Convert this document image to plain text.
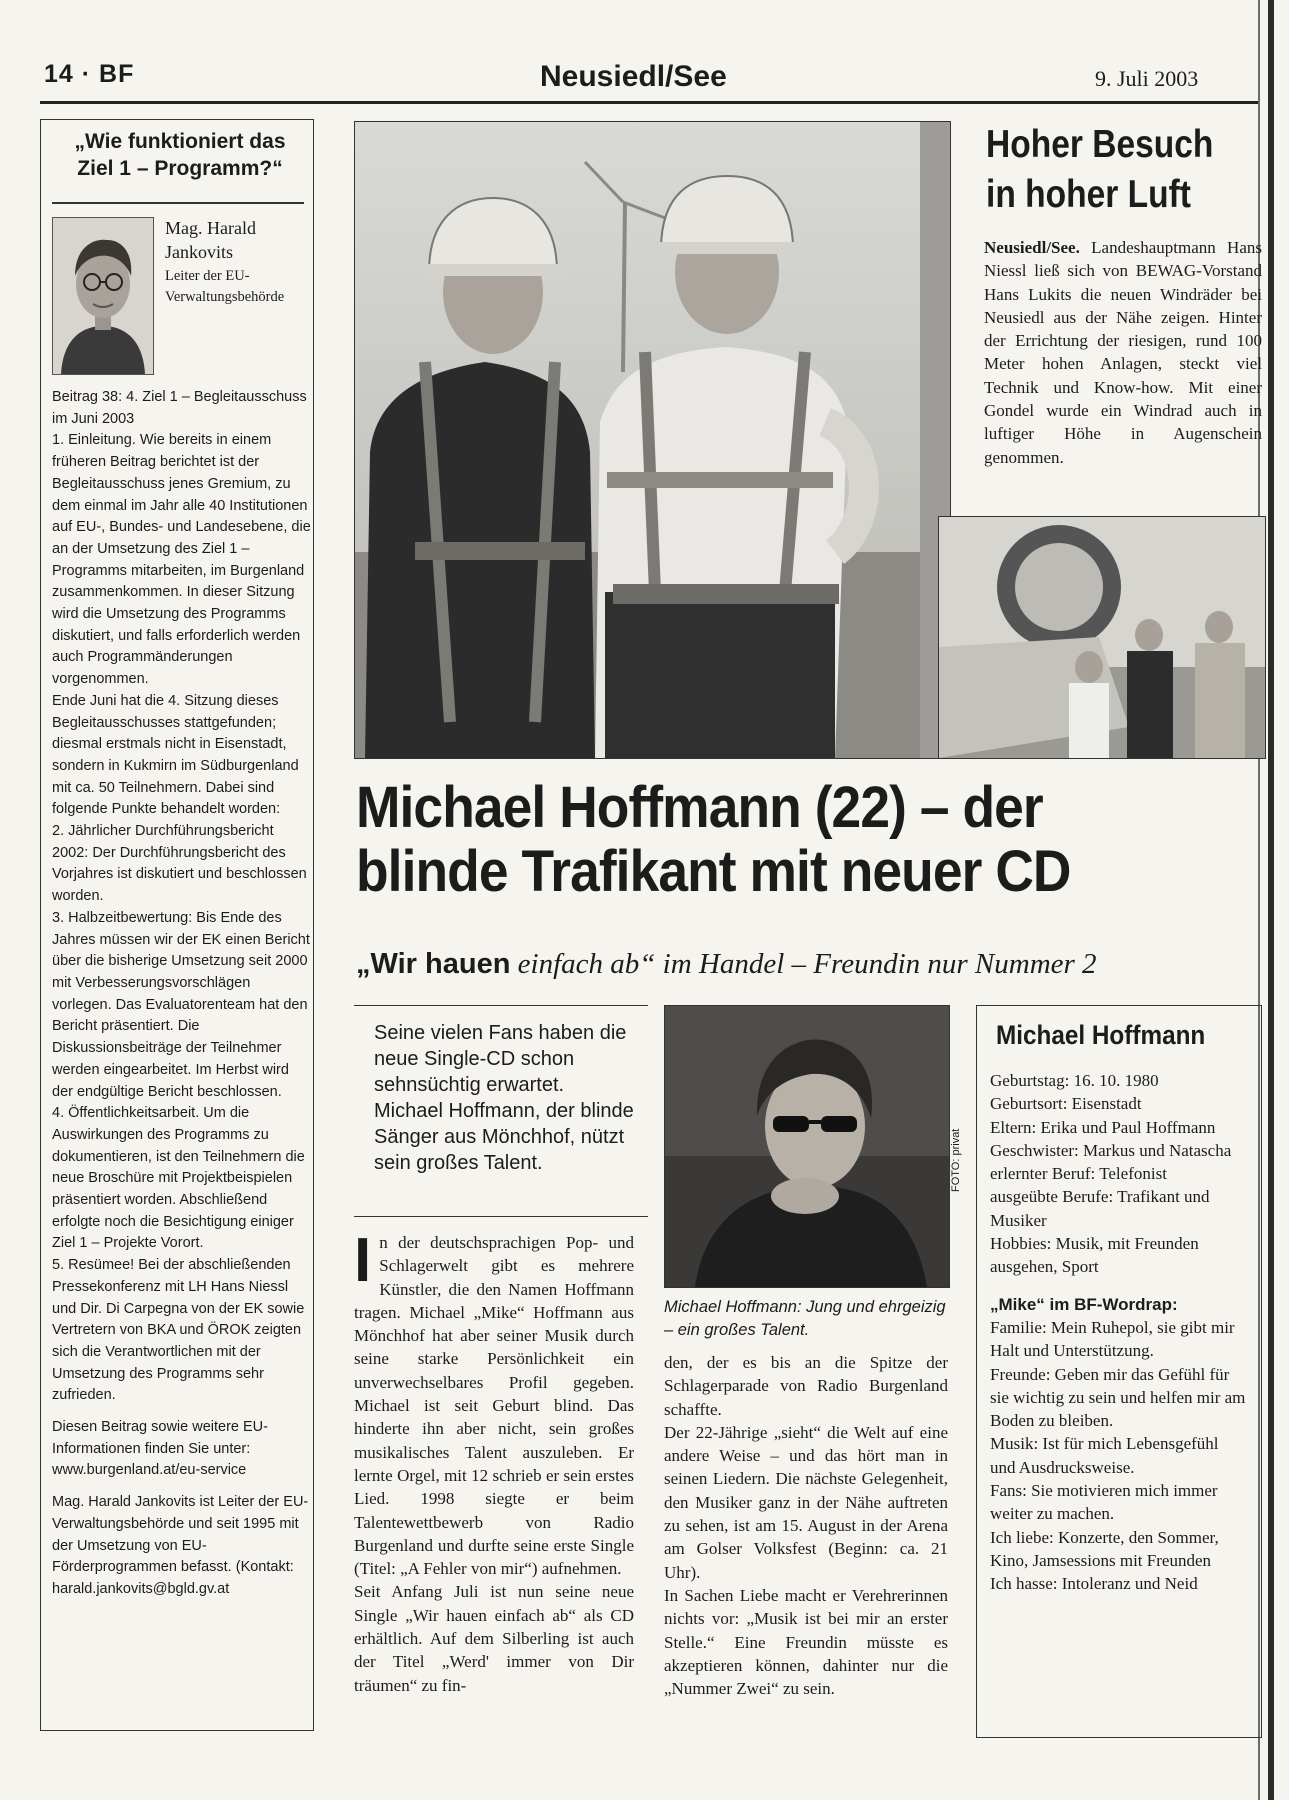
14 · BF	Neusiedl/See	9. Juli 2003
„Wie funktioniert das
Ziel 1 – Programm?“
Mag. Harald
Jankovits
Leiter der EU-
Verwaltungsbehörde

Beitrag 38: 4. Ziel 1 – Begleitausschuss im Juni 2003

1. Einleitung. Wie bereits in einem früheren Beitrag berichtet ist der Begleitausschuss jenes Gremium, zu dem einmal im Jahr alle 40 Institutionen auf EU-, Bundes- und Landesebene, die an der Umsetzung des Ziel 1 – Programms mitarbeiten, im Burgenland zusammenkommen. In dieser Sitzung wird die Umsetzung des Programms diskutiert, und falls erforderlich werden auch Programmänderungen vorgenommen.

Ende Juni hat die 4. Sitzung dieses Begleitausschusses stattgefunden; diesmal erstmals nicht in Eisenstadt, sondern in Kukmirn im Südburgenland mit ca. 50 Teilnehmern. Dabei sind folgende Punkte behandelt worden:

2. Jährlicher Durchführungsbericht 2002: Der Durchführungsbericht des Vorjahres ist diskutiert und beschlossen worden.

3. Halbzeitbewertung: Bis Ende des Jahres müssen wir der EK einen Bericht über die bisherige Umsetzung seit 2000 mit Verbesserungsvorschlägen vorlegen. Das Evaluatorenteam hat den Bericht präsentiert. Die Diskussionsbeiträge der Teilnehmer werden eingearbeitet. Im Herbst wird der endgültige Bericht beschlossen.

4. Öffentlichkeitsarbeit. Um die Auswirkungen des Programms zu dokumentieren, ist den Teilnehmern die neue Broschüre mit Projektbeispielen präsentiert worden. Abschließend erfolgte noch die Besichtigung einiger Ziel 1 – Projekte Vorort.

5. Resümee! Bei der abschließenden Pressekonferenz mit LH Hans Niessl und Dir. Di Carpegna von der EK sowie Vertretern von BKA und ÖROK zeigten sich die Verantwortlichen mit der Umsetzung des Programms sehr zufrieden.

Diesen Beitrag sowie weitere EU-Informationen finden Sie unter: www.burgenland.at/eu-service

Mag. Harald Jankovits ist Leiter der EU-Verwaltungsbehörde und seit 1995 mit der Umsetzung von EU-Förderprogrammen befasst. (Kontakt: harald.jankovits@bgld.gv.at

Hoher Besuch
in hoher Luft
Neusiedl/See. Landeshauptmann Hans Niessl ließ sich von BEWAG-Vorstand Hans Lukits die neuen Windräder bei Neusiedl aus der Nähe zeigen. Hinter der Errichtung der riesigen, rund 100 Meter hohen Anlagen, steckt viel Technik und Know-how. Mit einer Gondel wurde ein Windrad auch in luftiger Höhe in Augenschein genommen.
Michael Hoffmann (22) – der
blinde Trafikant mit neuer CD
„Wir hauen einfach ab“ im Handel – Freundin nur Nummer 2
Seine vielen Fans haben die neue Single-CD schon sehnsüchtig erwartet. Michael Hoffmann, der blinde Sänger aus Mönchhof, nützt sein großes Talent.
In der deutschsprachigen Pop- und Schlagerwelt gibt es mehrere Künstler, die den Namen Hoffmann tragen. Michael „Mike“ Hoffmann aus Mönchhof hat aber seiner Musik durch seine starke Persönlichkeit ein unverwechselbares Profil gegeben. Michael ist seit Geburt blind. Das hinderte ihn aber nicht, sein großes musikalisches Talent auszuleben. Er lernte Orgel, mit 12 schrieb er sein erstes Lied. 1998 siegte er beim Talentewettbewerb von Radio Burgenland und durfte seine erste Single (Titel: „A Fehler von mir“) aufnehmen.
Seit Anfang Juli ist nun seine neue Single „Wir hauen einfach ab“ als CD erhältlich. Auf dem Silberling ist auch der Titel „Werd' immer von Dir träumen“ zu fin-
FOTO: privat
Michael Hoffmann: Jung und ehrgeizig – ein großes Talent.
den, der es bis an die Spitze der Schlagerparade von Radio Burgenland schaffte.
Der 22-Jährige „sieht“ die Welt auf eine andere Weise – und das hört man in seinen Liedern. Die nächste Gelegenheit, den Musiker ganz in der Nähe auftreten zu sehen, ist am 15. August in der Arena am Golser Volksfest (Beginn: ca. 21 Uhr).
In Sachen Liebe macht er Verehrerinnen nichts vor: „Musik ist bei mir an erster Stelle.“ Eine Freundin müsste es akzeptieren können, dahinter nur die „Nummer Zwei“ zu sein.
Michael Hoffmann

Geburtstag: 16. 10. 1980

Geburtsort: Eisenstadt

Eltern: Erika und Paul Hoffmann

Geschwister: Markus und Natascha

erlernter Beruf: Telefonist

ausgeübte Berufe: Trafikant und Musiker

Hobbies: Musik, mit Freunden ausgehen, Sport

„Mike“ im BF-Wordrap:

Familie: Mein Ruhepol, sie gibt mir Halt und Unterstützung.

Freunde: Geben mir das Gefühl für sie wichtig zu sein und helfen mir am Boden zu bleiben.

Musik: Ist für mich Lebensgefühl und Ausdrucksweise.

Fans: Sie motivieren mich immer weiter zu machen.

Ich liebe: Konzerte, den Sommer, Kino, Jamsessions mit Freunden

Ich hasse: Intoleranz und Neid
